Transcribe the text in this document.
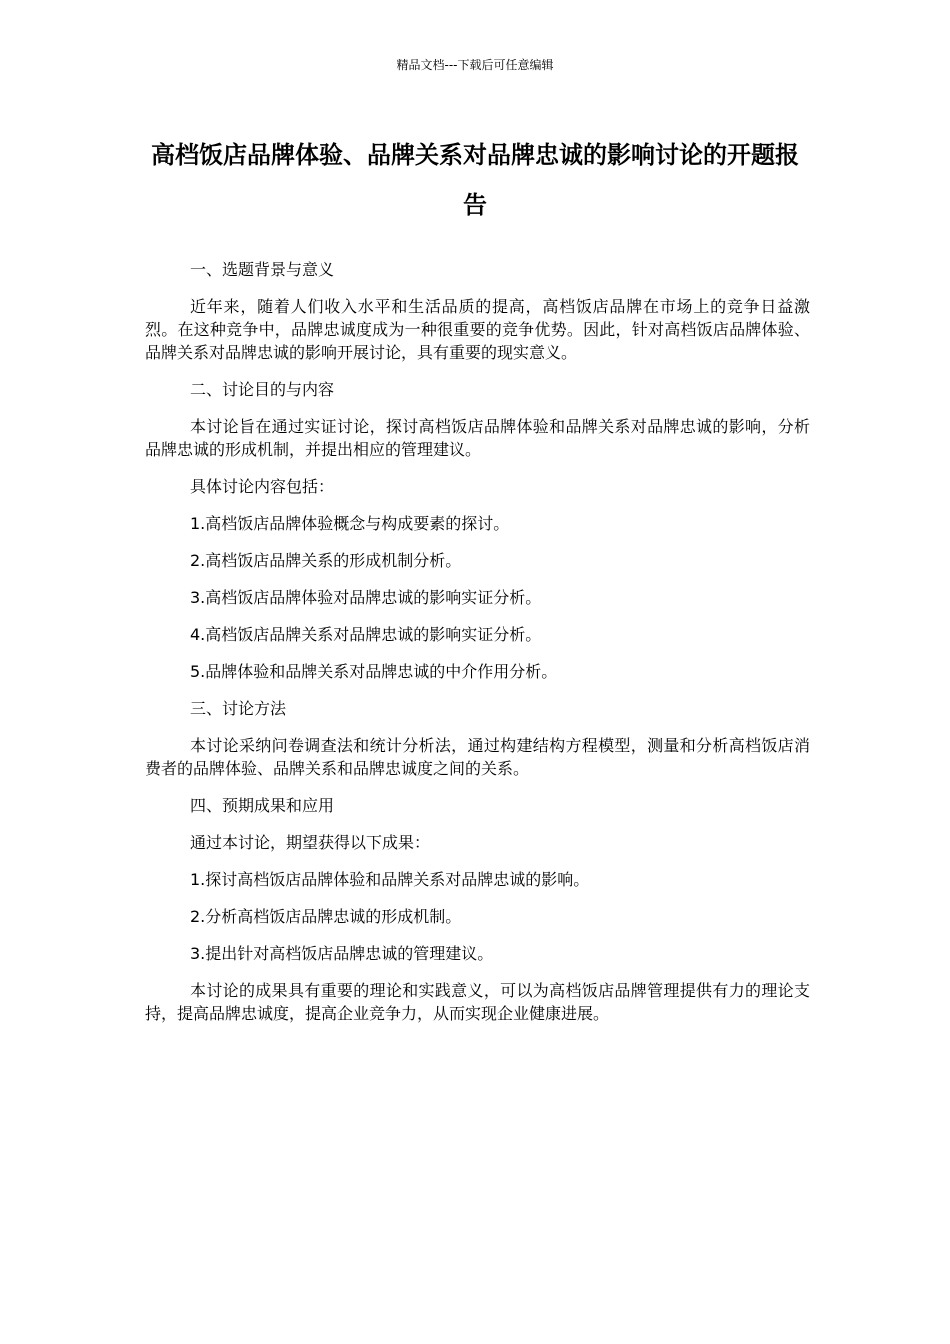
精品文档---下载后可任意编辑
高档饭店品牌体验、品牌关系对品牌忠诚的影响讨论的开题报告
一、选题背景与意义

近年来，随着人们收入水平和生活品质的提高，高档饭店品牌在市场上的竞争日益激烈。在这种竞争中，品牌忠诚度成为一种很重要的竞争优势。因此，针对高档饭店品牌体验、品牌关系对品牌忠诚的影响开展讨论，具有重要的现实意义。

二、讨论目的与内容

本讨论旨在通过实证讨论，探讨高档饭店品牌体验和品牌关系对品牌忠诚的影响，分析品牌忠诚的形成机制，并提出相应的管理建议。

具体讨论内容包括：
1.高档饭店品牌体验概念与构成要素的探讨。
2.高档饭店品牌关系的形成机制分析。
3.高档饭店品牌体验对品牌忠诚的影响实证分析。
4.高档饭店品牌关系对品牌忠诚的影响实证分析。
5.品牌体验和品牌关系对品牌忠诚的中介作用分析。
三、讨论方法

本讨论采纳问卷调查法和统计分析法，通过构建结构方程模型，测量和分析高档饭店消费者的品牌体验、品牌关系和品牌忠诚度之间的关系。

四、预期成果和应用
通过本讨论，期望获得以下成果：
1.探讨高档饭店品牌体验和品牌关系对品牌忠诚的影响。
2.分析高档饭店品牌忠诚的形成机制。
3.提出针对高档饭店品牌忠诚的管理建议。

本讨论的成果具有重要的理论和实践意义，可以为高档饭店品牌管理提供有力的理论支持，提高品牌忠诚度，提高企业竞争力，从而实现企业健康进展。
